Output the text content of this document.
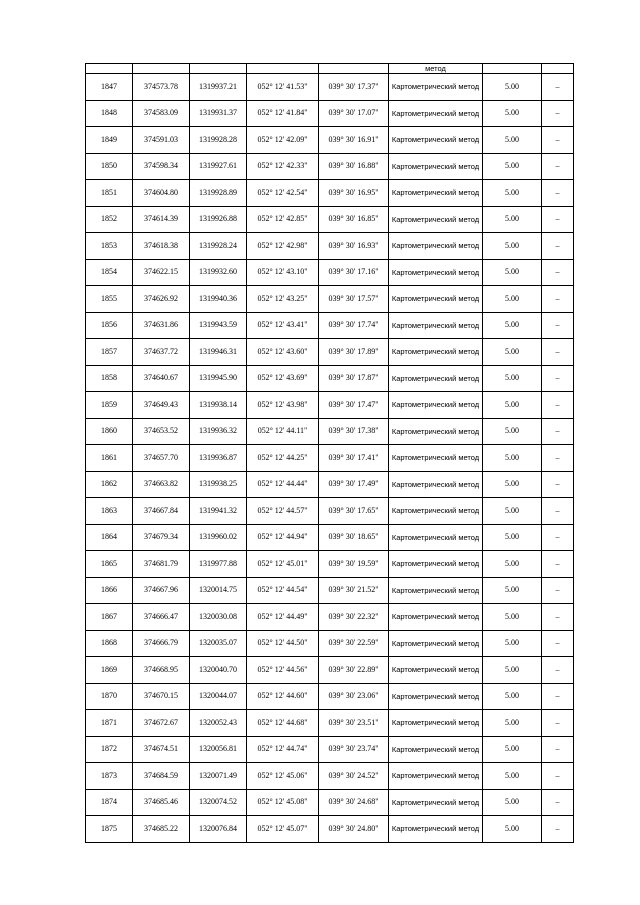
					метод		
1847	374573.78	1319937.21	052° 12' 41.53"	039° 30' 17.37"	Картометрический метод	5.00	–
1848	374583.09	1319931.37	052° 12' 41.84"	039° 30' 17.07"	Картометрический метод	5.00	–
1849	374591.03	1319928.28	052° 12' 42.09"	039° 30' 16.91"	Картометрический метод	5.00	–
1850	374598.34	1319927.61	052° 12' 42.33"	039° 30' 16.88"	Картометрический метод	5.00	–
1851	374604.80	1319928.89	052° 12' 42.54"	039° 30' 16.95"	Картометрический метод	5.00	–
1852	374614.39	1319926.88	052° 12' 42.85"	039° 30' 16.85"	Картометрический метод	5.00	–
1853	374618.38	1319928.24	052° 12' 42.98"	039° 30' 16.93"	Картометрический метод	5.00	–
1854	374622.15	1319932.60	052° 12' 43.10"	039° 30' 17.16"	Картометрический метод	5.00	–
1855	374626.92	1319940.36	052° 12' 43.25"	039° 30' 17.57"	Картометрический метод	5.00	–
1856	374631.86	1319943.59	052° 12' 43.41"	039° 30' 17.74"	Картометрический метод	5.00	–
1857	374637.72	1319946.31	052° 12' 43.60"	039° 30' 17.89"	Картометрический метод	5.00	–
1858	374640.67	1319945.90	052° 12' 43.69"	039° 30' 17.87"	Картометрический метод	5.00	–
1859	374649.43	1319938.14	052° 12' 43.98"	039° 30' 17.47"	Картометрический метод	5.00	–
1860	374653.52	1319936.32	052° 12' 44.11"	039° 30' 17.38"	Картометрический метод	5.00	–
1861	374657.70	1319936.87	052° 12' 44.25"	039° 30' 17.41"	Картометрический метод	5.00	–
1862	374663.82	1319938.25	052° 12' 44.44"	039° 30' 17.49"	Картометрический метод	5.00	–
1863	374667.84	1319941.32	052° 12' 44.57"	039° 30' 17.65"	Картометрический метод	5.00	–
1864	374679.34	1319960.02	052° 12' 44.94"	039° 30' 18.65"	Картометрический метод	5.00	–
1865	374681.79	1319977.88	052° 12' 45.01"	039° 30' 19.59"	Картометрический метод	5.00	–
1866	374667.96	1320014.75	052° 12' 44.54"	039° 30' 21.52"	Картометрический метод	5.00	–
1867	374666.47	1320030.08	052° 12' 44.49"	039° 30' 22.32"	Картометрический метод	5.00	–
1868	374666.79	1320035.07	052° 12' 44.50"	039° 30' 22.59"	Картометрический метод	5.00	–
1869	374668.95	1320040.70	052° 12' 44.56"	039° 30' 22.89"	Картометрический метод	5.00	–
1870	374670.15	1320044.07	052° 12' 44.60"	039° 30' 23.06"	Картометрический метод	5.00	–
1871	374672.67	1320052.43	052° 12' 44.68"	039° 30' 23.51"	Картометрический метод	5.00	–
1872	374674.51	1320056.81	052° 12' 44.74"	039° 30' 23.74"	Картометрический метод	5.00	–
1873	374684.59	1320071.49	052° 12' 45.06"	039° 30' 24.52"	Картометрический метод	5.00	–
1874	374685.46	1320074.52	052° 12' 45.08"	039° 30' 24.68"	Картометрический метод	5.00	–
1875	374685.22	1320076.84	052° 12' 45.07"	039° 30' 24.80"	Картометрический метод	5.00	–
